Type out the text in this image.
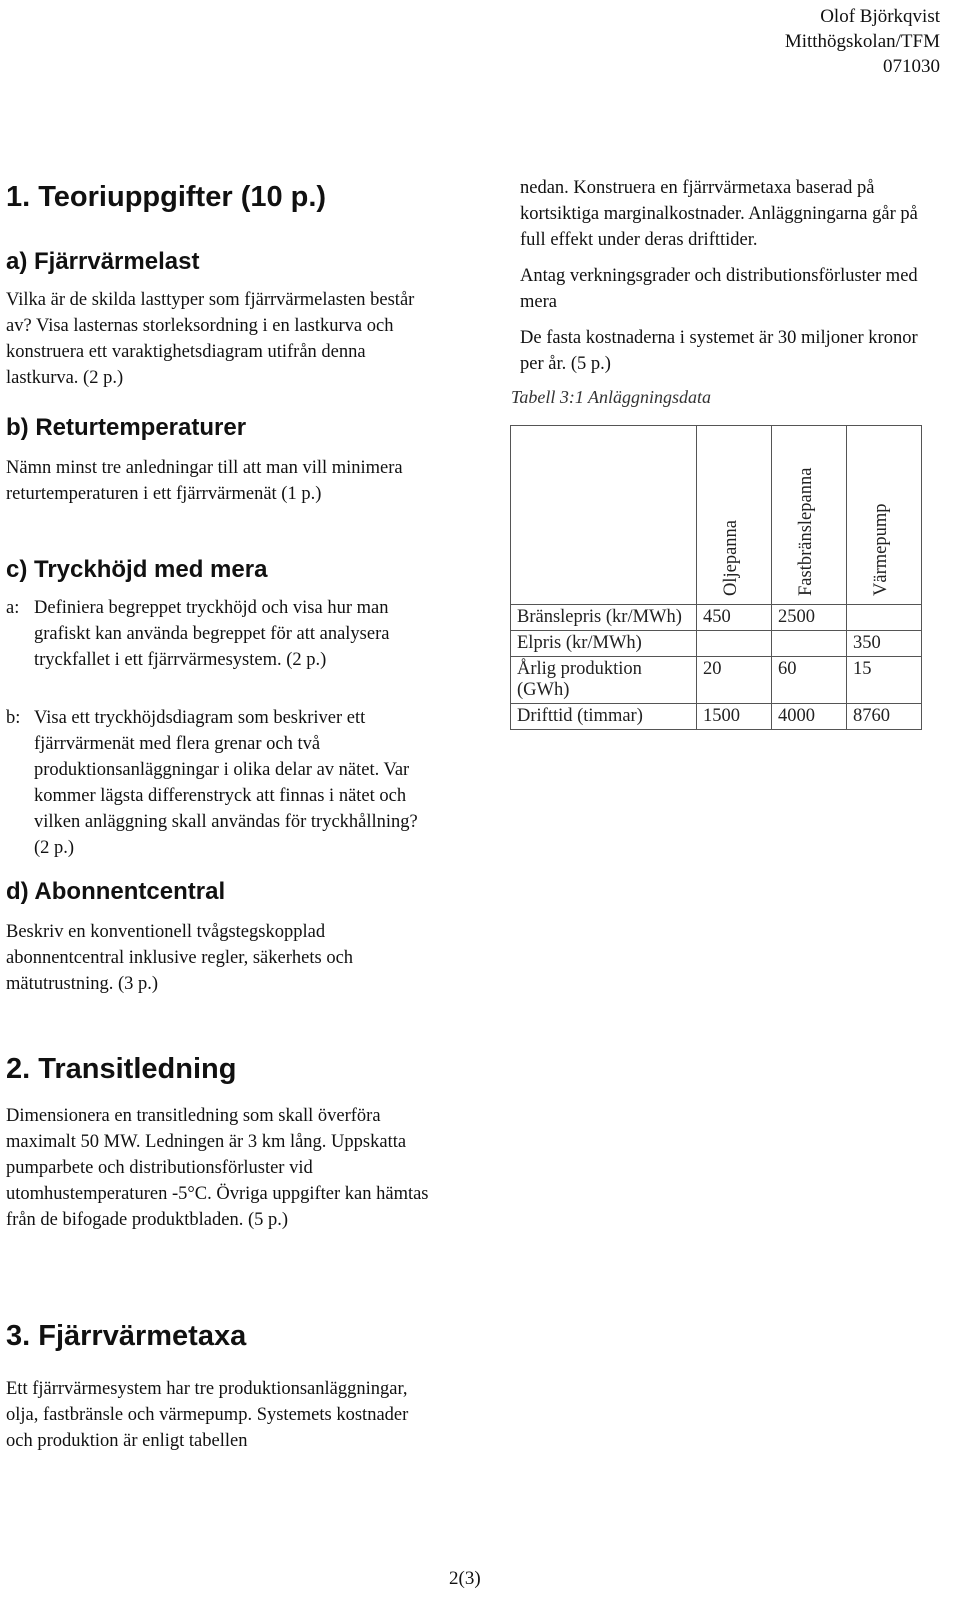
Olof Björkqvist
Mitthögskolan/TFM
071030
1. Teoriuppgifter (10 p.)
a) Fjärrvärmelast

Vilka är de skilda lasttyper som fjärrvärmelasten består av? Visa lasternas storleksordning i en lastkurva och konstruera ett varaktighetsdiagram utifrån denna lastkurva. (2 p.)

b) Returtemperaturer

Nämn minst tre anledningar till att man vill minimera returtemperaturen i ett fjärrvärmenät (1 p.)

c) Tryckhöjd med mera
a: Definiera begreppet tryckhöjd och visa hur man grafiskt kan använda begreppet för att analysera tryckfallet i ett fjärrvärmesystem. (2 p.)

b: Visa ett tryckhöjdsdiagram som beskriver ett fjärrvärmenät med flera grenar och två produktionsanläggningar i olika delar av nätet. Var kommer lägsta differenstryck att finnas i nätet och vilken anläggning skall användas för tryckhållning? (2 p.)

d) Abonnentcentral

Beskriv en konventionell tvågstegskopplad abonnentcentral inklusive regler, säkerhets och mätutrustning. (3 p.)

2. Transitledning

Dimensionera en transitledning som skall överföra maximalt 50 MW. Ledningen är 3 km lång. Uppskatta pumparbete och distributionsförluster vid utomhustemperaturen -5°C. Övriga uppgifter kan hämtas från de bifogade produktbladen. (5 p.)

3. Fjärrvärmetaxa

Ett fjärrvärmesystem har tre produktionsanläggningar, olja, fastbränsle och värmepump. Systemets kostnader och produktion är enligt tabellen

nedan. Konstruera en fjärrvärmetaxa baserad på kortsiktiga marginalkostnader. Anläggningarna går på full effekt under deras drifttider.

Antag verkningsgrader och distributionsförluster med mera

De fasta kostnaderna i systemet är 30 miljoner kronor per år. (5 p.)

Tabell 3:1 Anläggningsdata

	Oljepanna	Fastbränslepanna	Värmepump

Bränslepris (kr/MWh)	450	2500	
Elpris (kr/MWh)			350
Årlig produktion (GWh)	20	60	15
Drifttid (timmar)	1500	4000	8760
2(3)
